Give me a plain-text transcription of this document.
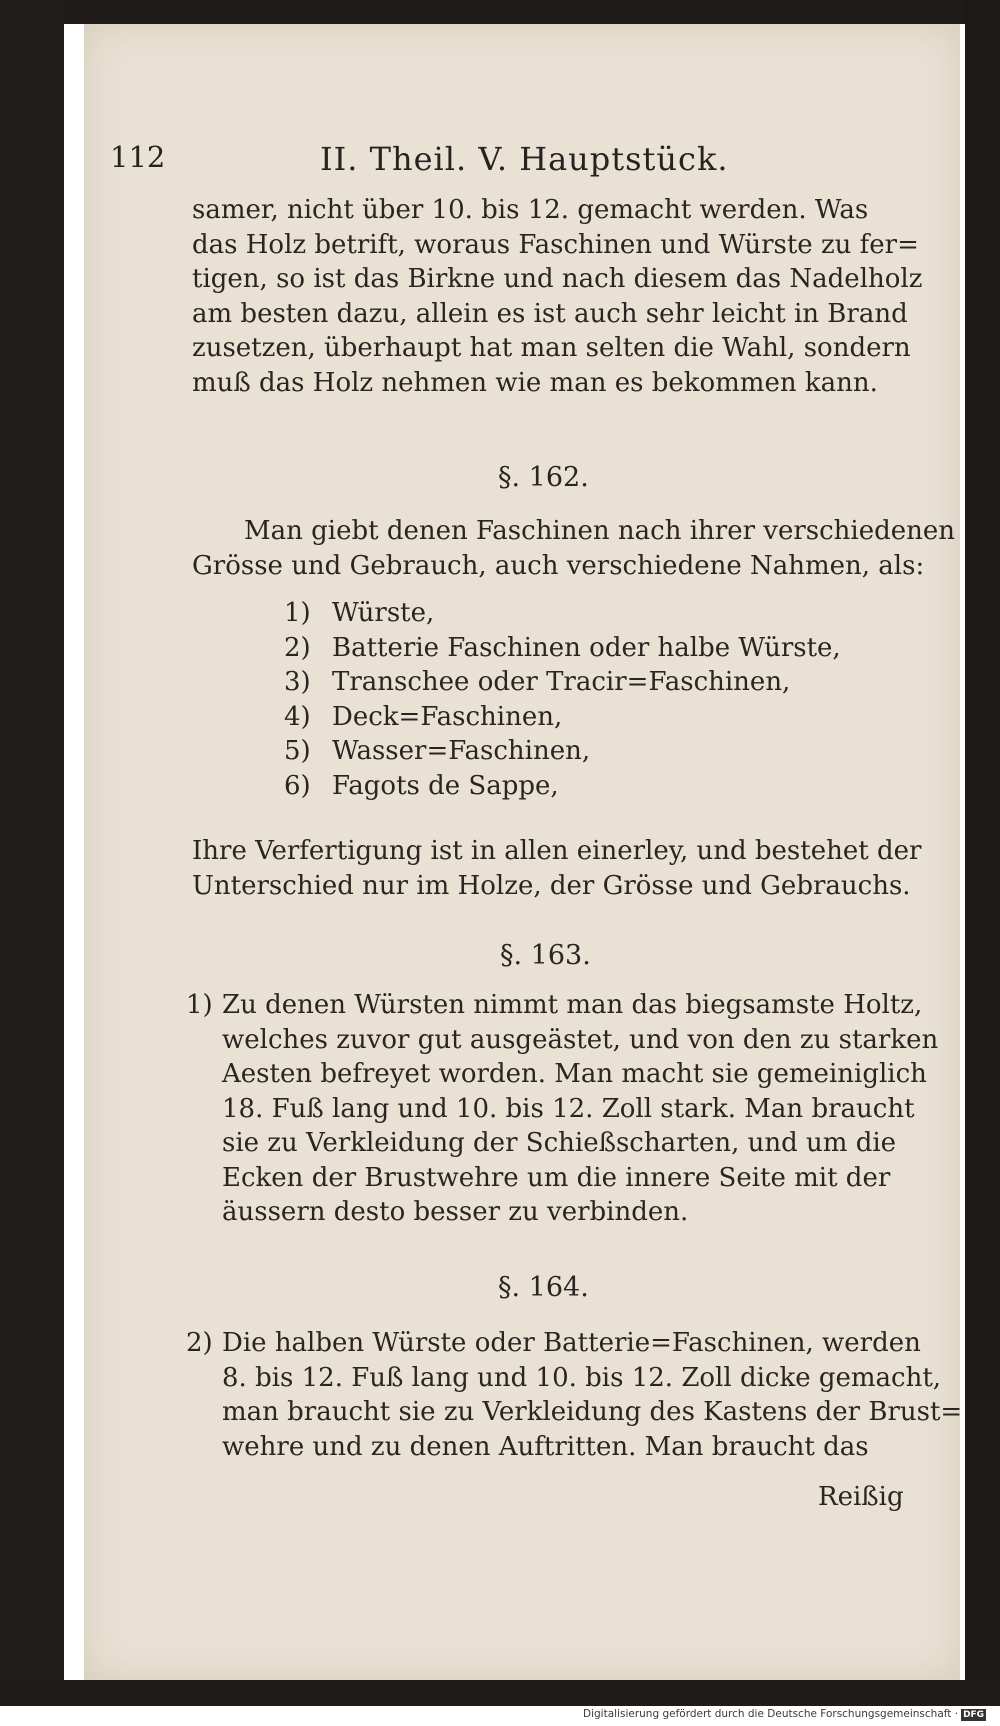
112	II. Theil. V. Hauptstück.
samer, nicht über 10. bis 12. gemacht werden. Was
das Holz betrift, woraus Faschinen und Würste zu fer=
tigen, so ist das Birkne und nach diesem das Nadelholz
am besten dazu, allein es ist auch sehr leicht in Brand
zusetzen, überhaupt hat man selten die Wahl, sondern
muß das Holz nehmen wie man es bekommen kann.
§. 162.
Man giebt denen Faschinen nach ihrer verschiedenen
Grösse und Gebrauch, auch verschiedene Nahmen, als:
1) Würste,
2) Batterie Faschinen oder halbe Würste,
3) Transchee oder Tracir=Faschinen,
4) Deck=Faschinen,
5) Wasser=Faschinen,
6) Fagots de Sappe,
Ihre Verfertigung ist in allen einerley, und bestehet der
Unterschied nur im Holze, der Grösse und Gebrauchs.
§. 163.
1) Zu denen Würsten nimmt man das biegsamste Holtz,
welches zuvor gut ausgeästet, und von den zu starken
Aesten befreyet worden. Man macht sie gemeiniglich
18. Fuß lang und 10. bis 12. Zoll stark. Man braucht
sie zu Verkleidung der Schießscharten, und um die
Ecken der Brustwehre um die innere Seite mit der
äussern desto besser zu verbinden.
§. 164.
2) Die halben Würste oder Batterie=Faschinen, werden
8. bis 12. Fuß lang und 10. bis 12. Zoll dicke gemacht,
man braucht sie zu Verkleidung des Kastens der Brust=
wehre und zu denen Auftritten. Man braucht das
Reißig
Digitalisierung gefördert durch die Deutsche Forschungsgemeinschaft · DFG
